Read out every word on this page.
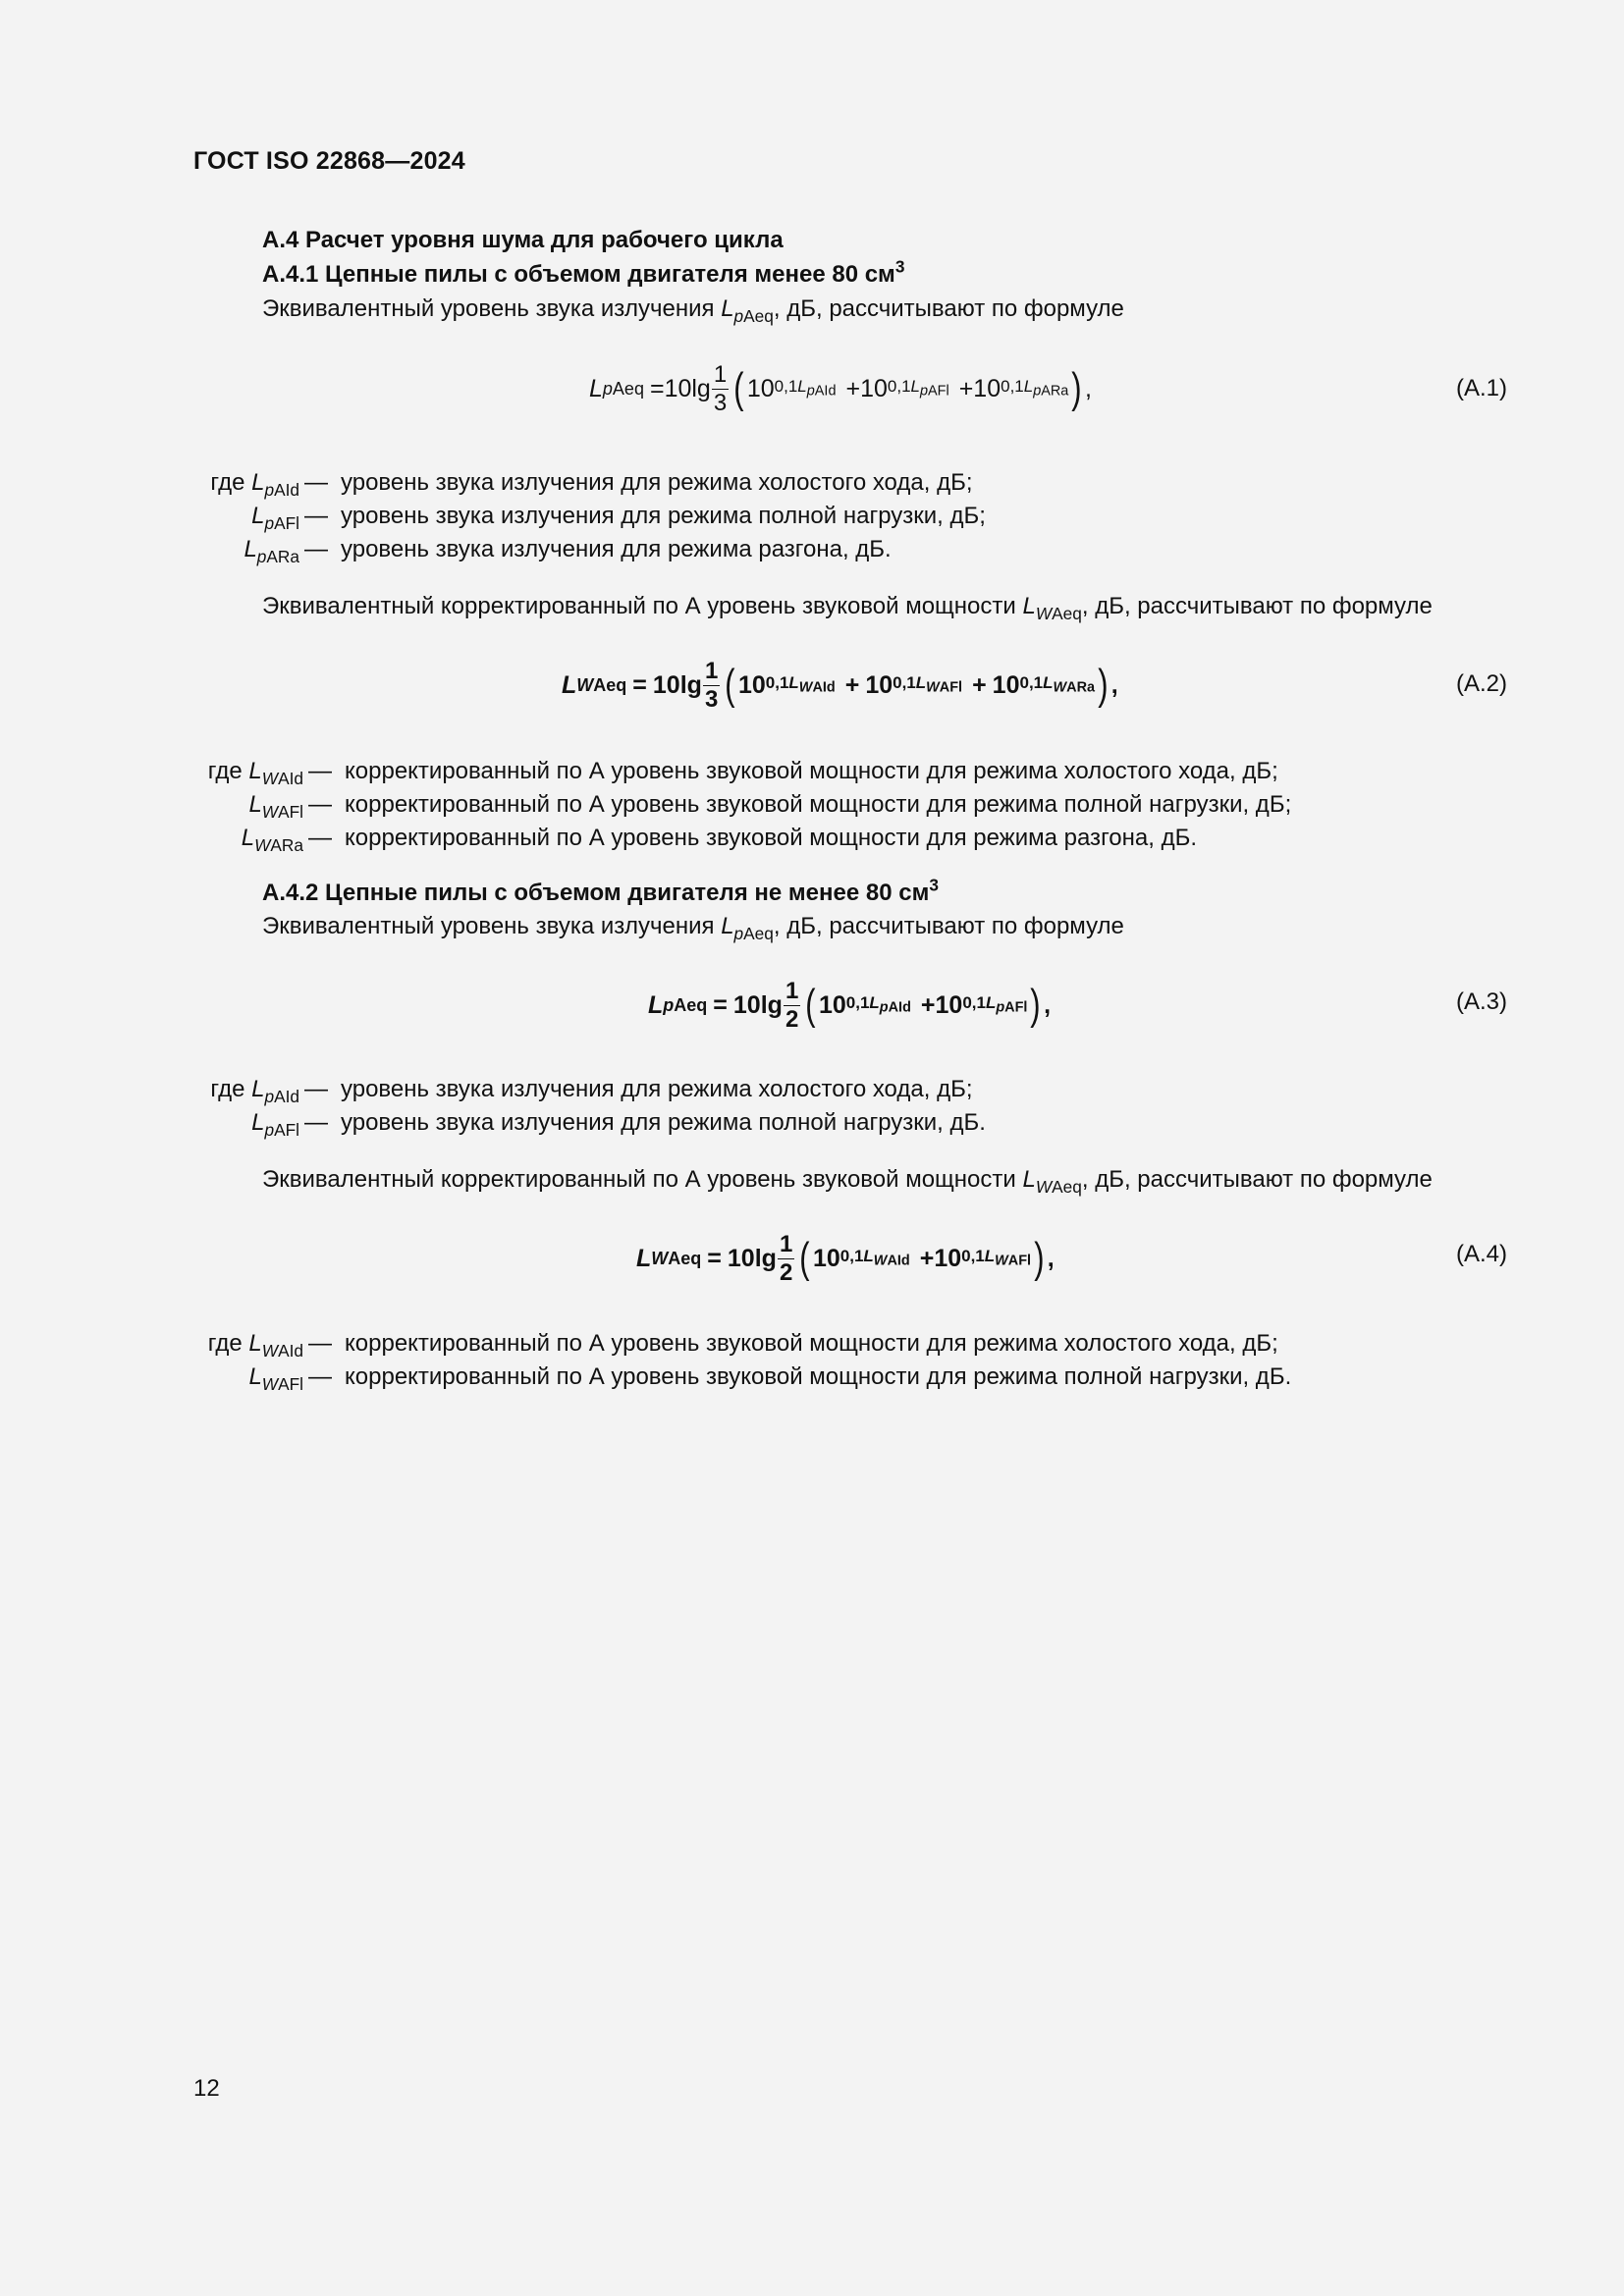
ГОСТ ISO 22868—2024
А.4 Расчет уровня шума для рабочего цикла
А.4.1 Цепные пилы с объемом двигателя менее 80 $см^3$
Эквивалентный уровень звука излучения $L_{pAeq}$, дБ, рассчитывают по формуле
L pAeq = $10\lg \frac{1}{3}$ ( 10 $0,1L_{pAId} + 10$ $0,1L_{pAFl} + 10$ $0,1L_{pARa}$ ) ,	(А.1)
где $L_{pAId}$ — уровень звука излучения для режима холостого хода, дБ;
$L_{pAFl}$ — уровень звука излучения для режима полной нагрузки, дБ;
$L_{pARa}$ — уровень звука излучения для режима разгона, дБ.
Эквивалентный корректированный по А уровень звуковой мощности $L_{WAeq}$, дБ, рассчитывают по формуле
L WAeq = $10\lg \frac{1}{3}$ ( 10 $0,1L_{WAId} + 10$ $0,1L_{WAFl} + 10$ $0,1L_{WARa}$ ) ,	(А.2)
где $L_{WAId}$ — корректированный по А уровень звуковой мощности для режима холостого хода, дБ;
$L_{WAFl}$ — корректированный по А уровень звуковой мощности для режима полной нагрузки, дБ;
$L_{WARa}$ — корректированный по А уровень звуковой мощности для режима разгона, дБ.
А.4.2 Цепные пилы с объемом двигателя не менее 80 $см^3$
Эквивалентный уровень звука излучения $L_{pAeq}$, дБ, рассчитывают по формуле
L pAeq = $10\lg \frac{1}{2}$ ( 10 $0,1L_{pAId} + 10$ $0,1L_{pAFl}$ ) ,	(А.3)
где $L_{pAId}$ — уровень звука излучения для режима холостого хода, дБ;
$L_{pAFl}$ — уровень звука излучения для режима полной нагрузки, дБ.
Эквивалентный корректированный по А уровень звуковой мощности $L_{WAeq}$, дБ, рассчитывают по формуле
L WAeq = $10\lg \frac{1}{2}$ ( 10 $0,1L_{WAId} + 10$ $0,1L_{WAFl}$ ) ,	(А.4)
где $L_{WAId}$ — корректированный по А уровень звуковой мощности для режима холостого хода, дБ;
$L_{WAFl}$ — корректированный по А уровень звуковой мощности для режима полной нагрузки, дБ.
12
